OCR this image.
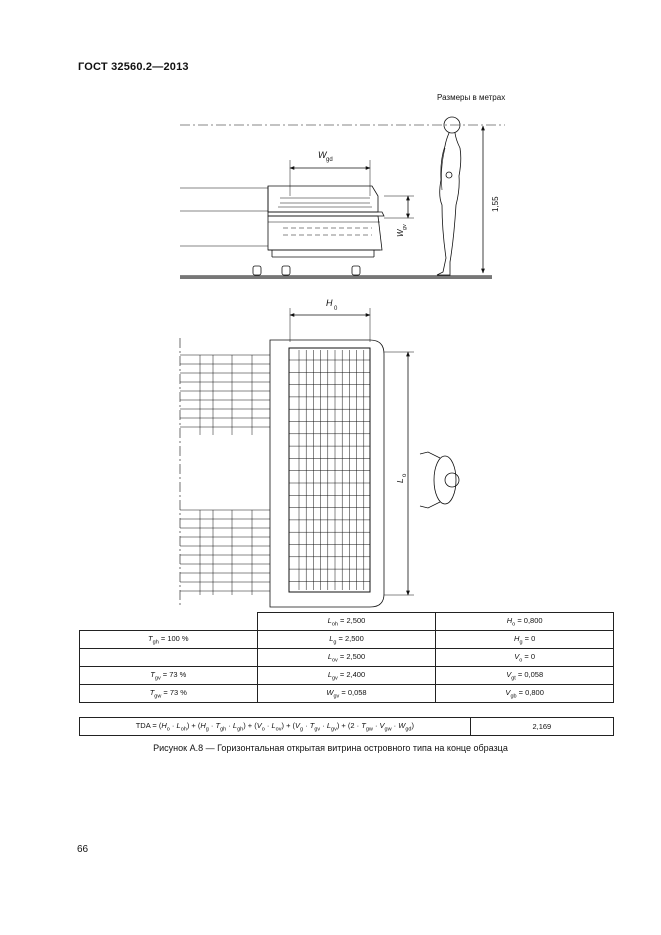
ГОСТ 32560.2—2013
Размеры в метрах
W gd
W
gv
1,55
H
0
L
o
	$L_{oh} = 2,500$	$H_o = 0,800$
$T_{gh} = 100$ %	$L_g = 2,500$	$H_g = 0$
	$L_{ov} = 2,500$	$V_o = 0$
$T_{gv} = 73$ %	$L_{gv} = 2,400$	$V_{gt} = 0,058$
$T_{gw} = 73$ %	$W_{gv} = 0,058$	$V_{gb} = 0,800$
TDA = $(H_o \cdot L_{oh}) + (H_g \cdot T_{gh} \cdot L_{gh}) + (V_o \cdot L_{ov}) + (V_g \cdot T_{gv} \cdot L_{gv}) + (2 \cdot T_{gw} \cdot V_{gw} \cdot W_{gd})$	2,169
Рисунок А.8 — Горизонтальная открытая витрина островного типа на конце образца
66
